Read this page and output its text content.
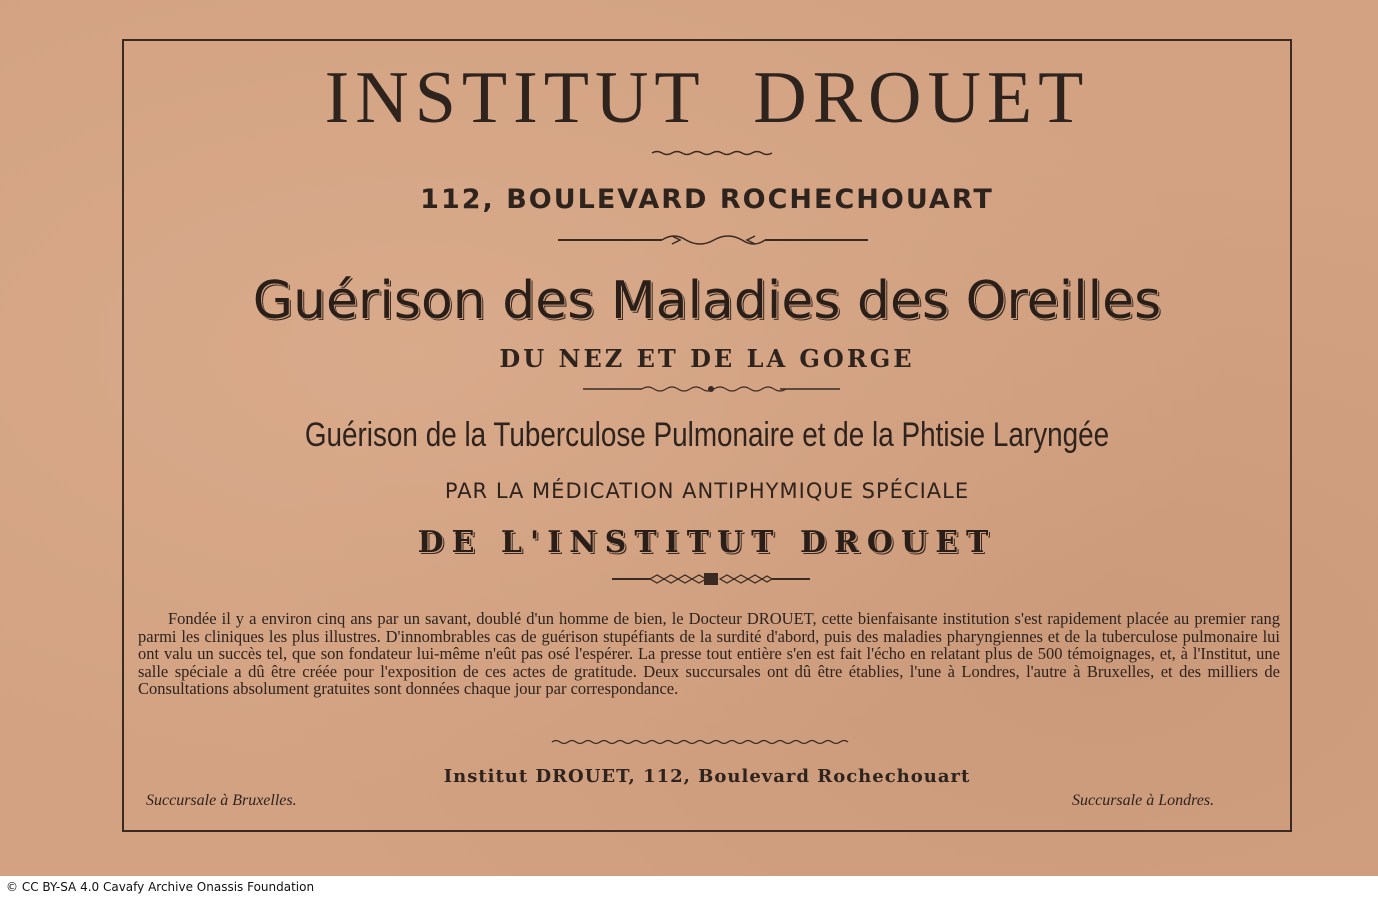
INSTITUT  DROUET
112, BOULEVARD ROCHECHOUART
Guérison des Maladies des Oreilles
DU NEZ ET DE LA GORGE
Guérison de la Tuberculose Pulmonaire et de la Phtisie Laryngée
PAR LA MÉDICATION ANTIPHYMIQUE SPÉCIALE
DE L'INSTITUT DROUET
Fondée il y a environ cinq ans par un savant, doublé d'un homme de bien, le Docteur DROUET, cette bienfaisante institution s'est rapidement placée au premier rang parmi les cliniques les plus illustres. D'innombrables cas de guérison stupéfiants de la surdité d'abord, puis des maladies pharyngiennes et de la tuberculose pulmonaire lui ont valu un succès tel, que son fondateur lui-même n'eût pas osé l'espérer. La presse tout entière s'en est fait l'écho en relatant plus de 500 témoignages, et, à l'Institut, une salle spéciale a dû être créée pour l'exposition de ces actes de gratitude. Deux succursales ont dû être établies, l'une à Londres, l'autre à Bruxelles, et des milliers de Consultations absolument gratuites sont données chaque jour par correspondance.
Institut DROUET, 112, Boulevard Rochechouart
Succursale à Bruxelles.	Succursale à Londres.
© CC BY-SA 4.0 Cavafy Archive Onassis Foundation
